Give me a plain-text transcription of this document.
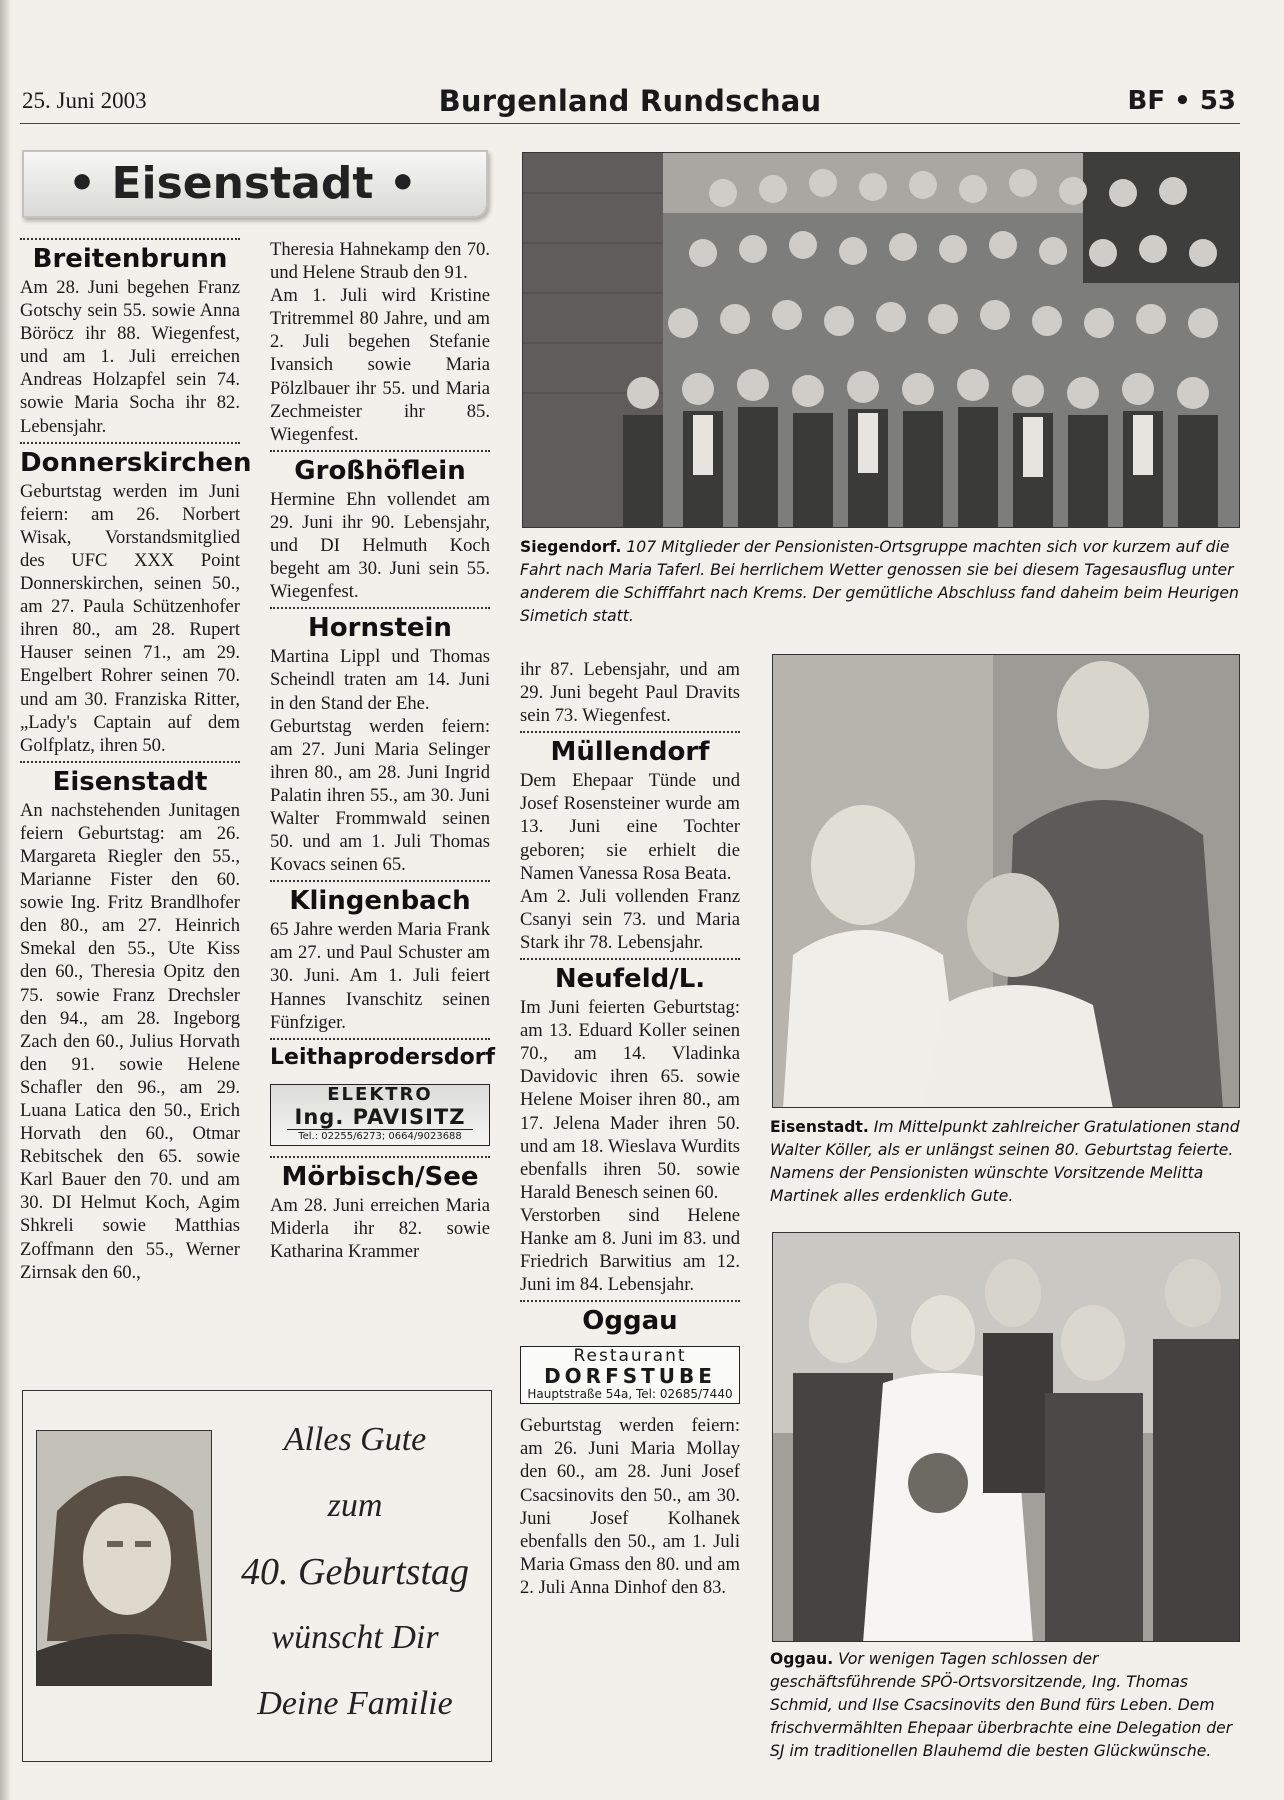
25. Juni 2003	Burgenland Rundschau	BF • 53
• Eisenstadt •
Breitenbrunn

Am 28. Juni begehen Franz Gotschy sein 55. sowie Anna Böröcz ihr 88. Wiegenfest, und am 1. Juli erreichen Andreas Holzapfel sein 74. sowie Maria Socha ihr 82. Lebensjahr.

Donnerskirchen

Geburtstag werden im Juni feiern: am 26. Norbert Wisak, Vorstandsmitglied des UFC XXX Point Donnerskirchen, seinen 50., am 27. Paula Schützenhofer ihren 80., am 28. Rupert Hauser seinen 71., am 29. Engelbert Rohrer seinen 70. und am 30. Franziska Ritter, „Lady's Captain auf dem Golfplatz, ihren 50.

Eisenstadt

An nachstehenden Junitagen feiern Geburtstag: am 26. Margareta Riegler den 55., Marianne Fister den 60. sowie Ing. Fritz Brandlhofer den 80., am 27. Heinrich Smekal den 55., Ute Kiss den 60., Theresia Opitz den 75. sowie Franz Drechsler den 94., am 28. Ingeborg Zach den 60., Julius Horvath den 91. sowie Helene Schafler den 96., am 29. Luana Latica den 50., Erich Horvath den 60., Otmar Rebitschek den 65. sowie Karl Bauer den 70. und am 30. DI Helmut Koch, Agim Shkreli sowie Matthias Zoffmann den 55., Werner Zirnsak den 60.,

Theresia Hahnekamp den 70. und Helene Straub den 91.

Am 1. Juli wird Kristine Tritremmel 80 Jahre, und am 2. Juli begehen Stefanie Ivansich sowie Maria Pölzlbauer ihr 55. und Maria Zechmeister ihr 85. Wiegenfest.

Großhöflein

Hermine Ehn vollendet am 29. Juni ihr 90. Lebensjahr, und DI Helmuth Koch begeht am 30. Juni sein 55. Wiegenfest.

Hornstein

Martina Lippl und Thomas Scheindl traten am 14. Juni in den Stand der Ehe.

Geburtstag werden feiern: am 27. Juni Maria Selinger ihren 80., am 28. Juni Ingrid Palatin ihren 55., am 30. Juni Walter Frommwald seinen 50. und am 1. Juli Thomas Kovacs seinen 65.

Klingenbach

65 Jahre werden Maria Frank am 27. und Paul Schuster am 30. Juni. Am 1. Juli feiert Hannes Ivanschitz seinen Fünfziger.

Leithaprodersdorf
ELEKTRO
Ing. PAVISITZ
Tel.: 02255/6273; 0664/9023688
Mörbisch/See

Am 28. Juni erreichen Maria Miderla ihr 82. sowie Katharina Krammer

ihr 87. Lebensjahr, und am 29. Juni begeht Paul Dravits sein 73. Wiegenfest.

Müllendorf

Dem Ehepaar Tünde und Josef Rosensteiner wurde am 13. Juni eine Tochter geboren; sie erhielt die Namen Vanessa Rosa Beata.

Am 2. Juli vollenden Franz Csanyi sein 73. und Maria Stark ihr 78. Lebensjahr.

Neufeld/L.

Im Juni feierten Geburtstag: am 13. Eduard Koller seinen 70., am 14. Vladinka Davidovic ihren 65. sowie Helene Moiser ihren 80., am 17. Jelena Mader ihren 50. und am 18. Wieslava Wurdits ebenfalls ihren 50. sowie Harald Benesch seinen 60.

Verstorben sind Helene Hanke am 8. Juni im 83. und Friedrich Barwitius am 12. Juni im 84. Lebensjahr.

Oggau
Restaurant
DORFSTUBE
Hauptstraße 54a, Tel: 02685/7440

Geburtstag werden feiern: am 26. Juni Maria Mollay den 60., am 28. Juni Josef Csacsinovits den 50., am 30. Juni Josef Kolhanek ebenfalls den 50., am 1. Juli Maria Gmass den 80. und am 2. Juli Anna Dinhof den 83.

Siegendorf. 107 Mitglieder der Pensionisten-Ortsgruppe machten sich vor kurzem auf die Fahrt nach Maria Taferl. Bei herrlichem Wetter genossen sie bei diesem Tagesausflug unter anderem die Schifffahrt nach Krems. Der gemütliche Abschluss fand daheim beim Heurigen Simetich statt.
Eisenstadt. Im Mittelpunkt zahlreicher Gratulationen stand Walter Köller, als er unlängst seinen 80. Geburtstag feierte. Namens der Pensionisten wünschte Vorsitzende Melitta Martinek alles erdenklich Gute.
Oggau. Vor wenigen Tagen schlossen der geschäftsführende SPÖ-Ortsvorsitzende, Ing. Thomas Schmid, und Ilse Csacsinovits den Bund fürs Leben. Dem frischvermählten Ehepaar überbrachte eine Delegation der SJ im traditionellen Blauhemd die besten Glückwünsche.
Alles Gute
zum
40. Geburtstag
wünscht Dir
Deine Familie
